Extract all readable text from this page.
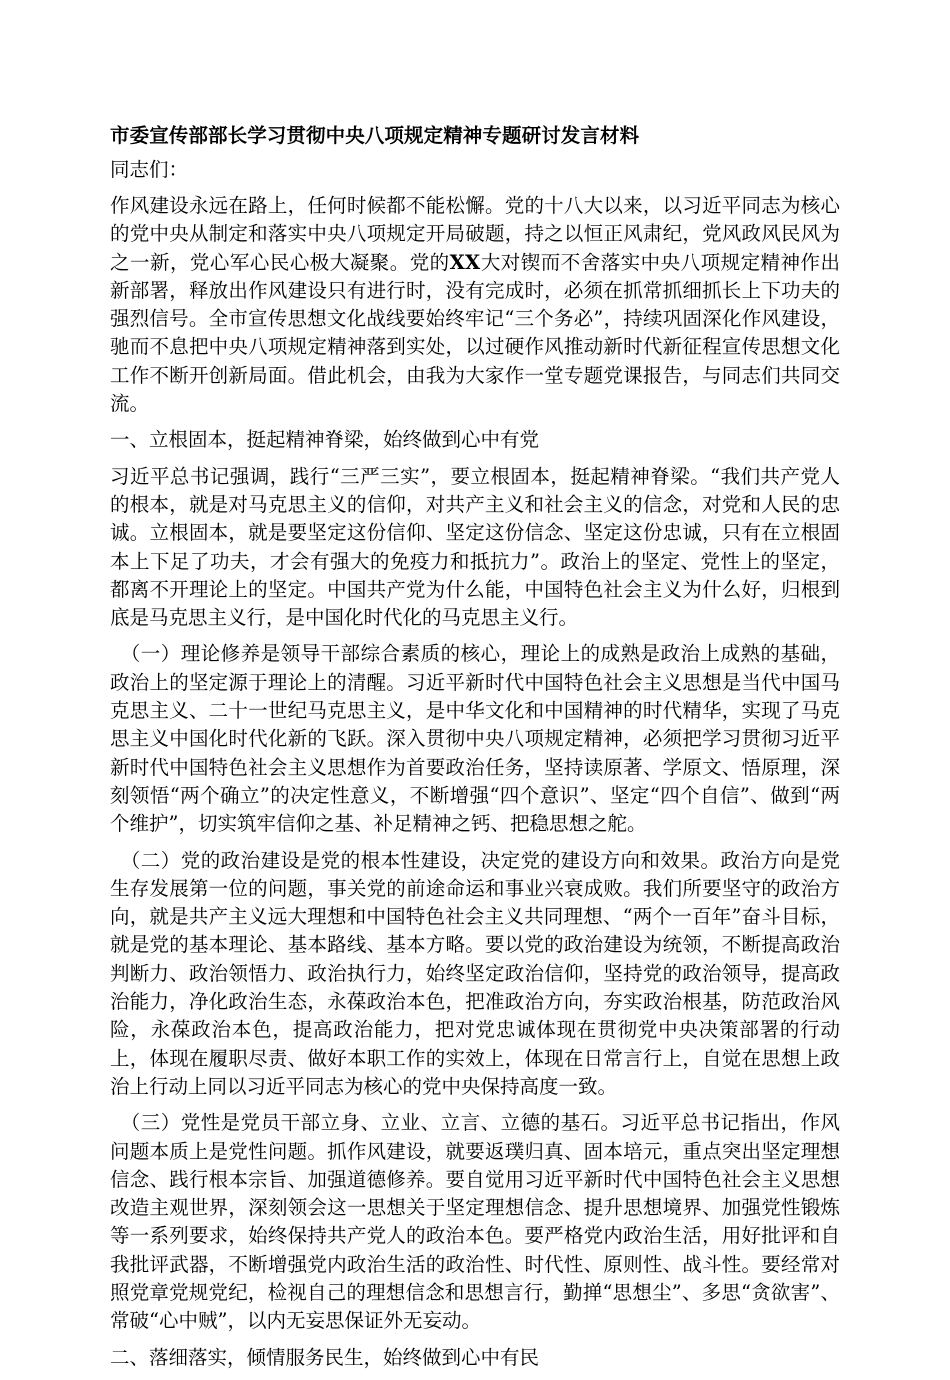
市委宣传部部长学习贯彻中央八项规定精神专题研讨发言材料
同志们：

作风建设永远在路上，任何时候都不能松懈。党的十八大以来，以习近平同志为核心的党中央从制定和落实中央八项规定开局破题，持之以恒正风肃纪，党风政风民风为之一新，党心军心民心极大凝聚。党的XX大对锲而不舍落实中央八项规定精神作出新部署，释放出作风建设只有进行时，没有完成时，必须在抓常抓细抓长上下功夫的强烈信号。全市宣传思想文化战线要始终牢记“三个务必”，持续巩固深化作风建设，驰而不息把中央八项规定精神落到实处，以过硬作风推动新时代新征程宣传思想文化工作不断开创新局面。借此机会，由我为大家作一堂专题党课报告，与同志们共同交流。

一、立根固本，挺起精神脊梁，始终做到心中有党

习近平总书记强调，践行“三严三实”，要立根固本，挺起精神脊梁。“我们共产党人的根本，就是对马克思主义的信仰，对共产主义和社会主义的信念，对党和人民的忠诚。立根固本，就是要坚定这份信仰、坚定这份信念、坚定这份忠诚，只有在立根固本上下足了功夫，才会有强大的免疫力和抵抗力”。政治上的坚定、党性上的坚定，都离不开理论上的坚定。中国共产党为什么能，中国特色社会主义为什么好，归根到底是马克思主义行，是中国化时代化的马克思主义行。

（一）理论修养是领导干部综合素质的核心，理论上的成熟是政治上成熟的基础，政治上的坚定源于理论上的清醒。习近平新时代中国特色社会主义思想是当代中国马克思主义、二十一世纪马克思主义，是中华文化和中国精神的时代精华，实现了马克思主义中国化时代化新的飞跃。深入贯彻中央八项规定精神，必须把学习贯彻习近平新时代中国特色社会主义思想作为首要政治任务，坚持读原著、学原文、悟原理，深刻领悟“两个确立”的决定性意义，不断增强“四个意识”、坚定“四个自信”、做到“两个维护”，切实筑牢信仰之基、补足精神之钙、把稳思想之舵。

（二）党的政治建设是党的根本性建设，决定党的建设方向和效果。政治方向是党生存发展第一位的问题，事关党的前途命运和事业兴衰成败。我们所要坚守的政治方向，就是共产主义远大理想和中国特色社会主义共同理想、“两个一百年”奋斗目标，就是党的基本理论、基本路线、基本方略。要以党的政治建设为统领，不断提高政治判断力、政治领悟力、政治执行力，始终坚定政治信仰，坚持党的政治领导，提高政治能力，净化政治生态，永葆政治本色，把准政治方向，夯实政治根基，防范政治风险，永葆政治本色，提高政治能力，把对党忠诚体现在贯彻党中央决策部署的行动上，体现在履职尽责、做好本职工作的实效上，体现在日常言行上，自觉在思想上政治上行动上同以习近平同志为核心的党中央保持高度一致。

（三）党性是党员干部立身、立业、立言、立德的基石。习近平总书记指出，作风问题本质上是党性问题。抓作风建设，就要返璞归真、固本培元，重点突出坚定理想信念、践行根本宗旨、加强道德修养。要自觉用习近平新时代中国特色社会主义思想改造主观世界，深刻领会这一思想关于坚定理想信念、提升思想境界、加强党性锻炼等一系列要求，始终保持共产党人的政治本色。要严格党内政治生活，用好批评和自我批评武器，不断增强党内政治生活的政治性、时代性、原则性、战斗性。要经常对照党章党规党纪，检视自己的理想信念和思想言行，勤掸“思想尘”、多思“贪欲害”、常破“心中贼”，以内无妄思保证外无妄动。

二、落细落实，倾情服务民生，始终做到心中有民
